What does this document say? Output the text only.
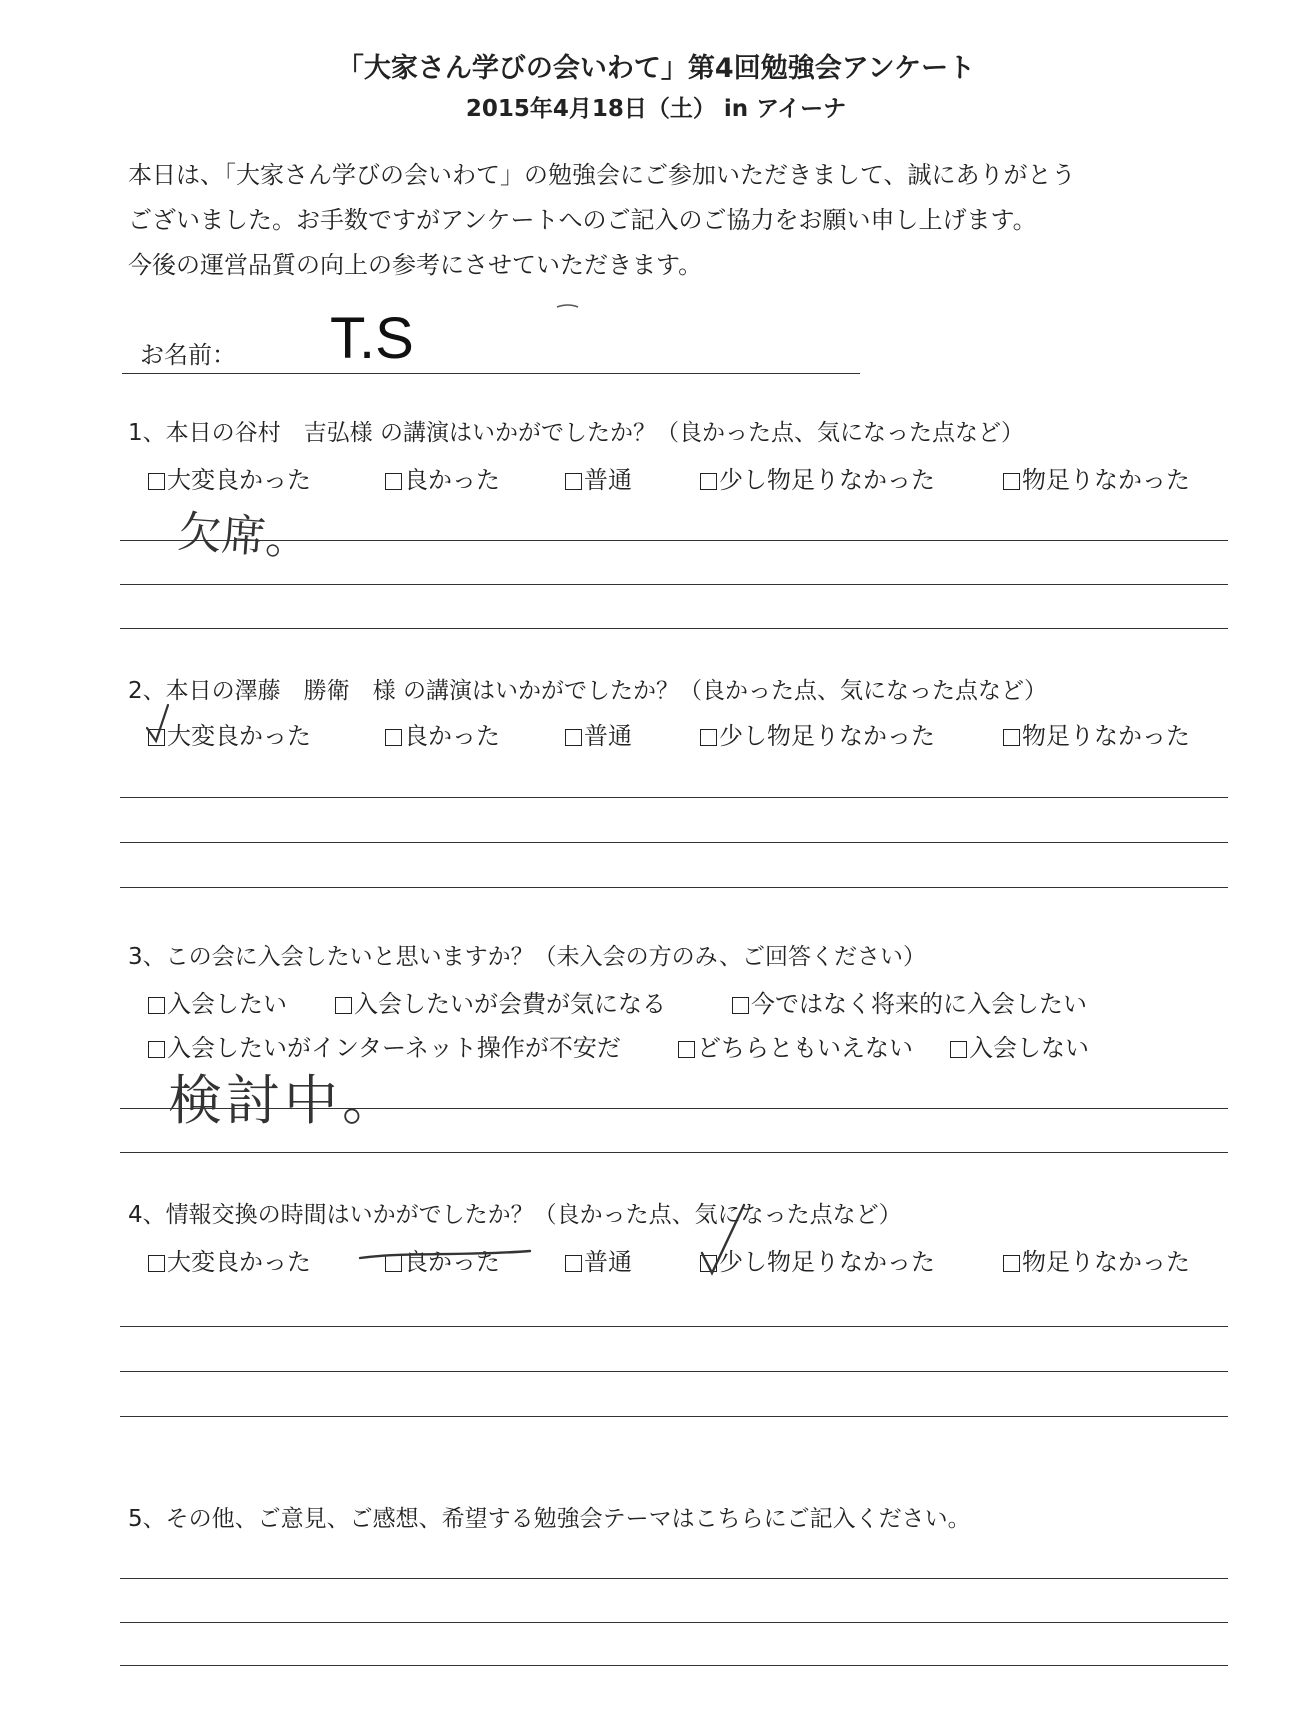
「大家さん学びの会いわて」第4回勉強会アンケート
2015年4月18日（土） in アイーナ
本日は、「大家さん学びの会いわて」の勉強会にご参加いただきまして、誠にありがとう
ございました。お手数ですがアンケートへのご記入のご協力をお願い申し上げます。
今後の運営品質の向上の参考にさせていただきます。
お名前： T.S
1、本日の谷村　吉弘様 の講演はいかがでしたか？（良かった点、気になった点など）
大変良かった	良かった	普通	少し物足りなかった	物足りなかった
欠席。
2、本日の澤藤　勝衛　様 の講演はいかがでしたか？（良かった点、気になった点など）
大変良かった	良かった	普通	少し物足りなかった	物足りなかった
3、この会に入会したいと思いますか？（未入会の方のみ、ご回答ください）
入会したい	入会したいが会費が気になる	今ではなく将来的に入会したい
入会したいがインターネット操作が不安だ	どちらともいえない	入会しない
検討中。
4、情報交換の時間はいかがでしたか？（良かった点、気になった点など）
大変良かった	良かった	普通	少し物足りなかった	物足りなかった
5、その他、ご意見、ご感想、希望する勉強会テーマはこちらにご記入ください。
